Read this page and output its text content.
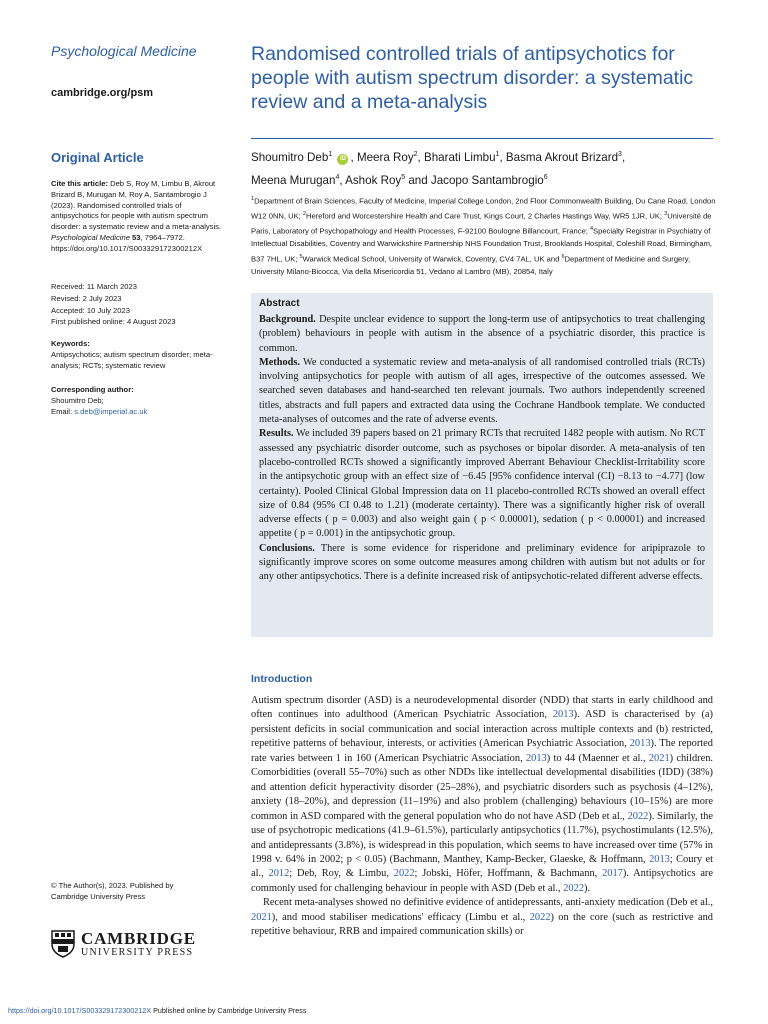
Psychological Medicine
cambridge.org/psm
Original Article
Cite this article: Deb S, Roy M, Limbu B, Akrout Brizard B, Murugan M, Roy A, Santambrogio J (2023). Randomised controlled trials of antipsychotics for people with autism spectrum disorder: a systematic review and a meta-analysis. Psychological Medicine 53, 7964–7972. https://doi.org/10.1017/S003329172300212X
Received: 11 March 2023
Revised: 2 July 2023
Accepted: 10 July 2023
First published online: 4 August 2023
Keywords:
Antipsychotics; autism spectrum disorder; meta-analysis; RCTs; systematic review
Corresponding author:
Shoumitro Deb;
Email: s.deb@imperial.ac.uk
© The Author(s), 2023. Published by
Cambridge University Press
CAMBRIDGE
UNIVERSITY PRESS
Randomised controlled trials of antipsychotics for people with autism spectrum disorder: a systematic review and a meta-analysis
Shoumitro Deb$^1$ iD , Meera Roy$^2$, Bharati Limbu$^1$, Basma Akrout Brizard$^3$,
Meena Murugan$^4$, Ashok Roy$^5$ and Jacopo Santambrogio$^6$
$^1$Department of Brain Sciences, Faculty of Medicine, Imperial College London, 2nd Floor Commonwealth Building, Du Cane Road, London W12 0NN, UK; $^2$Hereford and Worcestershire Health and Care Trust, Kings Court, 2 Charles Hastings Way, WR5 1JR, UK; $^3$Université de Paris, Laboratory of Psychopathology and Health Processes, F-92100 Boulogne Billancourt, France; $^4$Specialty Registrar in Psychiatry of Intellectual Disabilities, Coventry and Warwickshire Partnership NHS Foundation Trust, Brooklands Hospital, Coleshill Road, Birmingham, B37 7HL, UK; $^5$Warwick Medical School, University of Warwick, Coventry, CV4 7AL, UK and $^6$Department of Medicine and Surgery, University Milano-Bicocca, Via della Misericordia 51, Vedano al Lambro (MB), 20854, Italy
Abstract

Background. Despite unclear evidence to support the long-term use of antipsychotics to treat challenging (problem) behaviours in people with autism in the absence of a psychiatric disorder, this practice is common.

Methods. We conducted a systematic review and meta-analysis of all randomised controlled trials (RCTs) involving antipsychotics for people with autism of all ages, irrespective of the outcomes assessed. We searched seven databases and hand-searched ten relevant journals. Two authors independently screened titles, abstracts and full papers and extracted data using the Cochrane Handbook template. We conducted meta-analyses of outcomes and the rate of adverse events.

Results. We included 39 papers based on 21 primary RCTs that recruited 1482 people with autism. No RCT assessed any psychiatric disorder outcome, such as psychoses or bipolar disorder. A meta-analysis of ten placebo-controlled RCTs showed a significantly improved Aberrant Behaviour Checklist-Irritability score in the antipsychotic group with an effect size of −6.45 [95% confidence interval (CI) −8.13 to −4.77] (low certainty). Pooled Clinical Global Impression data on 11 placebo-controlled RCTs showed an overall effect size of 0.84 (95% CI 0.48 to 1.21) (moderate certainty). There was a significantly higher risk of overall adverse effects ( p = 0.003) and also weight gain ( p < 0.00001), sedation ( p < 0.00001) and increased appetite ( p = 0.001) in the antipsychotic group.

Conclusions. There is some evidence for risperidone and preliminary evidence for aripiprazole to significantly improve scores on some outcome measures among children with autism but not adults or for any other antipsychotics. There is a definite increased risk of antipsychotic-related different adverse effects.

Introduction

Autism spectrum disorder (ASD) is a neurodevelopmental disorder (NDD) that starts in early childhood and often continues into adulthood (American Psychiatric Association, 2013). ASD is characterised by (a) persistent deficits in social communication and social interaction across multiple contexts and (b) restricted, repetitive patterns of behaviour, interests, or activities (American Psychiatric Association, 2013). The reported rate varies between 1 in 160 (American Psychiatric Association, 2013) to 44 (Maenner et al., 2021) children. Comorbidities (overall 55–70%) such as other NDDs like intellectual developmental disabilities (IDD) (38%) and attention deficit hyperactivity disorder (25–28%), and psychiatric disorders such as psychosis (4–12%), anxiety (18–20%), and depression (11–19%) and also problem (challenging) behaviours (10–15%) are more common in ASD compared with the general population who do not have ASD (Deb et al., 2022). Similarly, the use of psychotropic medications (41.9–61.5%), particularly antipsychotics (11.7%), psychostimulants (12.5%), and antidepressants (3.8%), is widespread in this population, which seems to have increased over time (57% in 1998 v. 64% in 2002; p < 0.05) (Bachmann, Manthey, Kamp-Becker, Glaeske, & Hoffmann, 2013; Coury et al., 2012; Deb, Roy, & Limbu, 2022; Jobski, Höfer, Hoffmann, & Bachmann, 2017). Antipsychotics are commonly used for challenging behaviour in people with ASD (Deb et al., 2022).

Recent meta-analyses showed no definitive evidence of antidepressants, anti-anxiety medication (Deb et al., 2021), and mood stabiliser medications' efficacy (Limbu et al., 2022) on the core (such as restrictive and repetitive behaviour, RRB and impaired communication skills) or

https://doi.org/10.1017/S003329172300212X Published online by Cambridge University Press
